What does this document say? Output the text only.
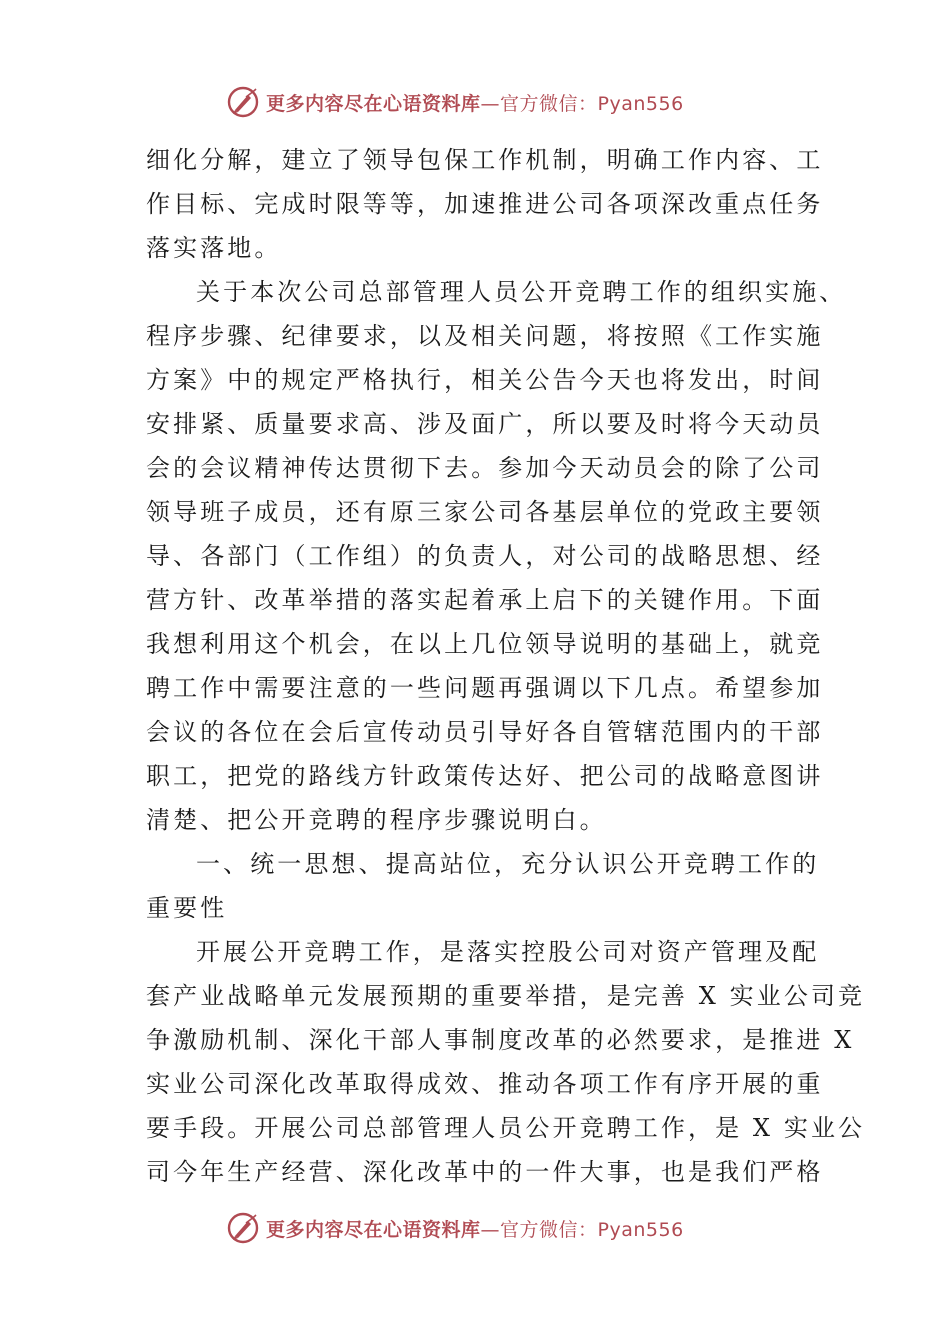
更多内容尽在心语资料库—官方微信：Pyan556
细化分解，建立了领导包保工作机制，明确工作内容、工
作目标、完成时限等等，加速推进公司各项深改重点任务
落实落地。
关于本次公司总部管理人员公开竞聘工作的组织实施、
程序步骤、纪律要求，以及相关问题，将按照《工作实施
方案》中的规定严格执行，相关公告今天也将发出，时间
安排紧、质量要求高、涉及面广，所以要及时将今天动员
会的会议精神传达贯彻下去。参加今天动员会的除了公司
领导班子成员，还有原三家公司各基层单位的党政主要领
导、各部门（工作组）的负责人，对公司的战略思想、经
营方针、改革举措的落实起着承上启下的关键作用。下面
我想利用这个机会，在以上几位领导说明的基础上，就竞
聘工作中需要注意的一些问题再强调以下几点。希望参加
会议的各位在会后宣传动员引导好各自管辖范围内的干部
职工，把党的路线方针政策传达好、把公司的战略意图讲
清楚、把公开竞聘的程序步骤说明白。
一、统一思想、提高站位，充分认识公开竞聘工作的
重要性
开展公开竞聘工作，是落实控股公司对资产管理及配
套产业战略单元发展预期的重要举措，是完善 X 实业公司竞
争激励机制、深化干部人事制度改革的必然要求，是推进 X
实业公司深化改革取得成效、推动各项工作有序开展的重
要手段。开展公司总部管理人员公开竞聘工作，是 X 实业公
司今年生产经营、深化改革中的一件大事，也是我们严格
更多内容尽在心语资料库—官方微信：Pyan556
